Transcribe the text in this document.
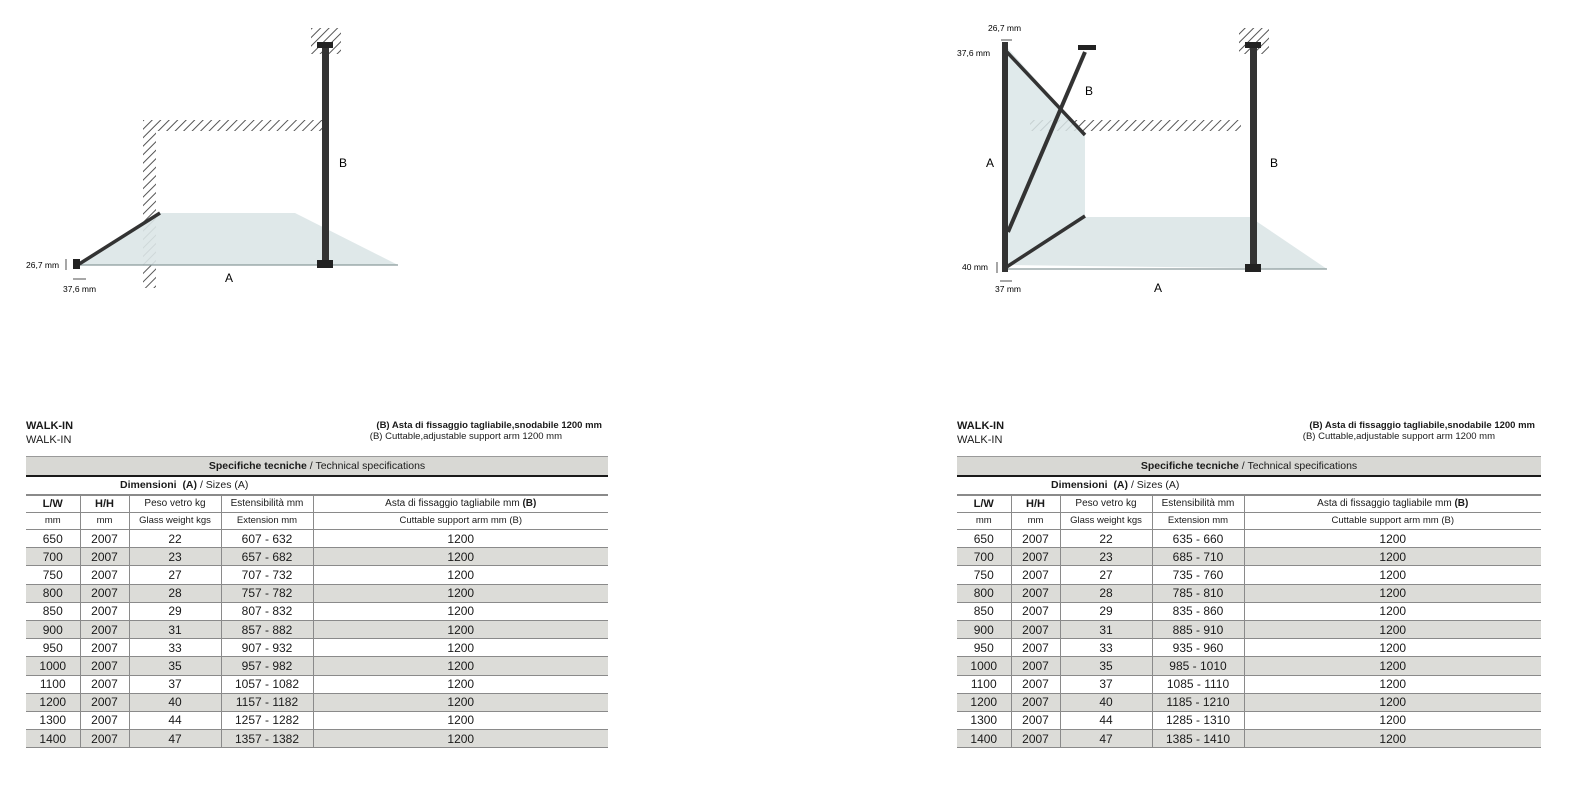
26,7 mm
37,6 mm
A
B
26,7 mm
37,6 mm
40 mm
37 mm
A
A
B
B
WALK-IN
WALK-IN
(B) Asta di fissaggio tagliabile,snodabile 1200 mm
(B) Cuttable,adjustable support arm 1200 mm
Specifiche tecniche / Technical specifications
Dimensioni (A) / Sizes (A)
L/W	H/H	Peso vetro kg	Estensibilità mm	Asta di fissaggio tagliabile mm (B)
mm	mm	Glass weight kgs	Extension mm	Cuttable support arm mm (B)
650	2007	22	607 - 632	1200
700	2007	23	657 - 682	1200
750	2007	27	707 - 732	1200
800	2007	28	757 - 782	1200
850	2007	29	807 - 832	1200
900	2007	31	857 - 882	1200
950	2007	33	907 - 932	1200
1000	2007	35	957 - 982	1200
1100	2007	37	1057 - 1082	1200
1200	2007	40	1157 - 1182	1200
1300	2007	44	1257 - 1282	1200
1400	2007	47	1357 - 1382	1200
WALK-IN
WALK-IN
(B) Asta di fissaggio tagliabile,snodabile 1200 mm
(B) Cuttable,adjustable support arm 1200 mm
Specifiche tecniche / Technical specifications
Dimensioni (A) / Sizes (A)
L/W	H/H	Peso vetro kg	Estensibilità mm	Asta di fissaggio tagliabile mm (B)
mm	mm	Glass weight kgs	Extension mm	Cuttable support arm mm (B)
650	2007	22	635 - 660	1200
700	2007	23	685 - 710	1200
750	2007	27	735 - 760	1200
800	2007	28	785 - 810	1200
850	2007	29	835 - 860	1200
900	2007	31	885 - 910	1200
950	2007	33	935 - 960	1200
1000	2007	35	985 - 1010	1200
1100	2007	37	1085 - 1110	1200
1200	2007	40	1185 - 1210	1200
1300	2007	44	1285 - 1310	1200
1400	2007	47	1385 - 1410	1200
